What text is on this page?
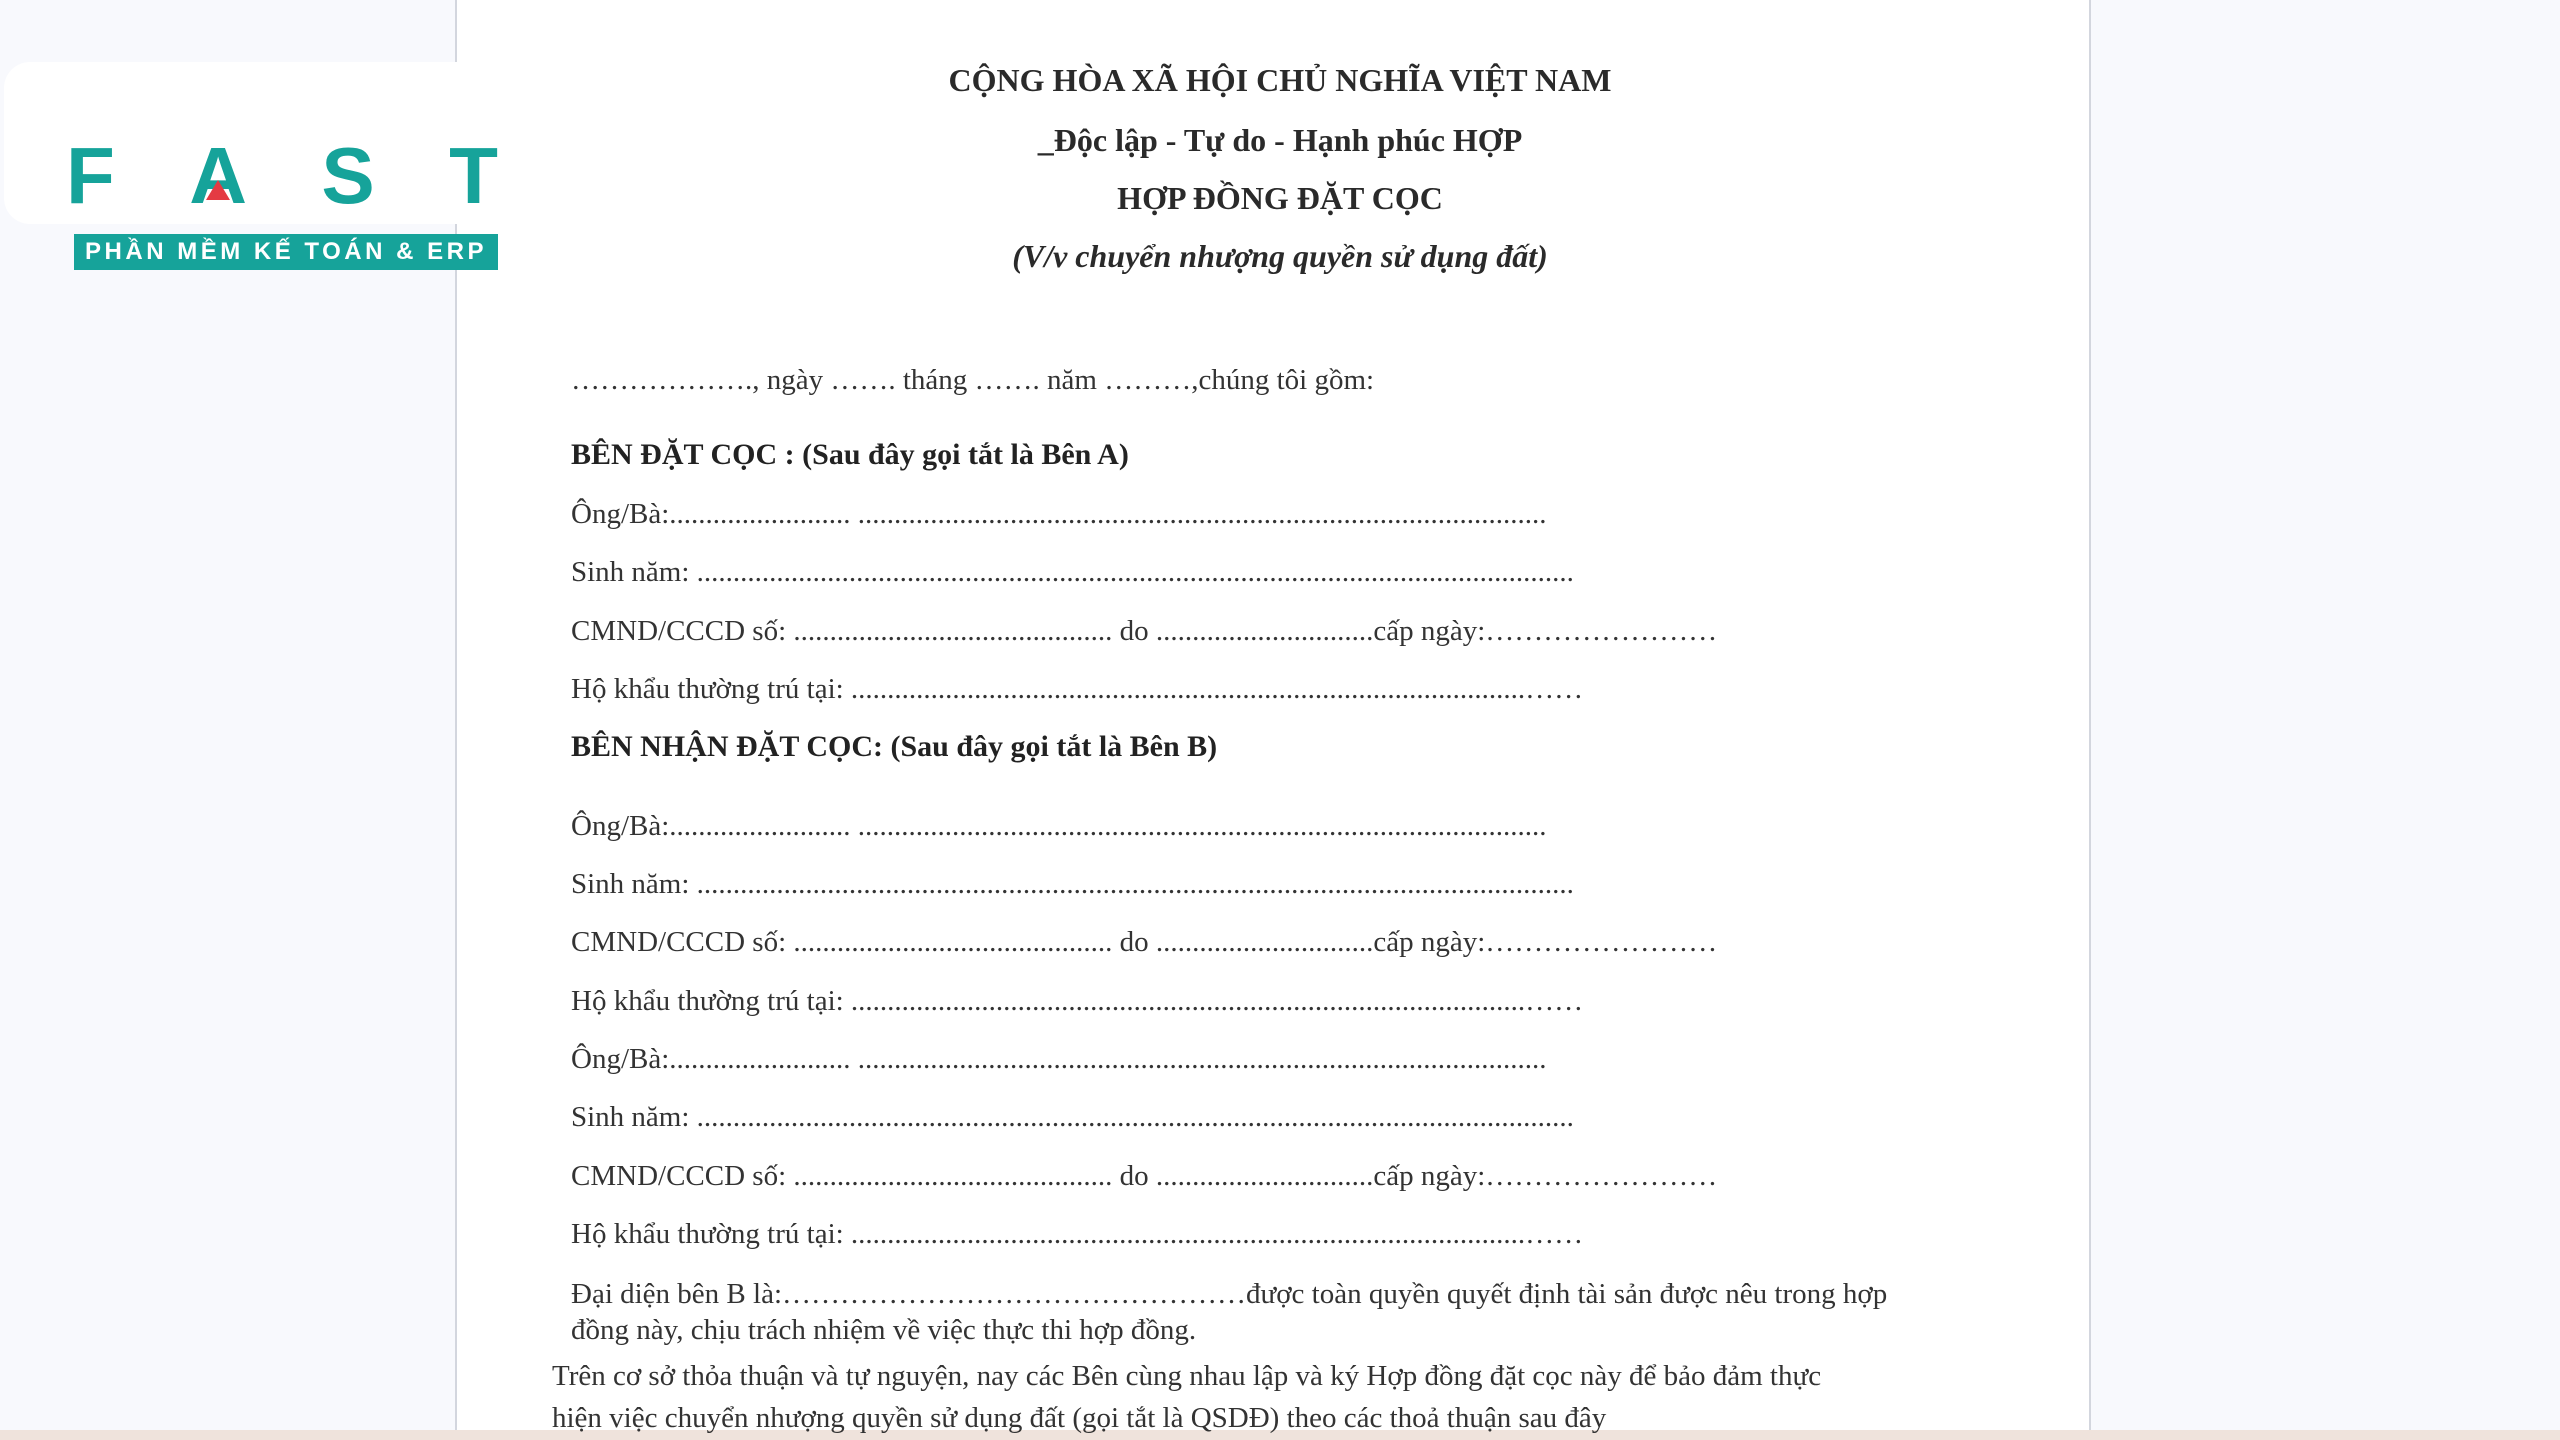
F A S T
PHẦN MỀM KẾ TOÁN & ERP
CỘNG HÒA XÃ HỘI CHỦ NGHĨA VIỆT NAM
_Độc lập - Tự do - Hạnh phúc HỢP
HỢP ĐỒNG ĐẶT CỌC
(V/v chuyển nhượng quyền sử dụng đất)
………………., ngày ……. tháng ……. năm ………,chúng tôi gồm:
BÊN ĐẶT CỌC : (Sau đây gọi tắt là Bên A)
Ông/Bà:......................... ...............................................................................................
Sinh năm: .........................................................................................................................
CMND/CCCD số: ............................................ do ..............................cấp ngày:……………………
Hộ khẩu thường trú tại: .............................................................................................……
BÊN NHẬN ĐẶT CỌC: (Sau đây gọi tắt là Bên B)
Ông/Bà:......................... ...............................................................................................
Sinh năm: .........................................................................................................................
CMND/CCCD số: ............................................ do ..............................cấp ngày:……………………
Hộ khẩu thường trú tại: .............................................................................................……
Ông/Bà:......................... ...............................................................................................
Sinh năm: .........................................................................................................................
CMND/CCCD số: ............................................ do ..............................cấp ngày:……………………
Hộ khẩu thường trú tại: .............................................................................................……
Đại diện bên B là:…………………………………………được toàn quyền quyết định tài sản được nêu trong hợp
đồng này, chịu trách nhiệm về việc thực thi hợp đồng.
Trên cơ sở thỏa thuận và tự nguyện, nay các Bên cùng nhau lập và ký Hợp đồng đặt cọc này để bảo đảm thực
hiện việc chuyển nhượng quyền sử dụng đất (gọi tắt là QSDĐ) theo các thoả thuận sau đây
